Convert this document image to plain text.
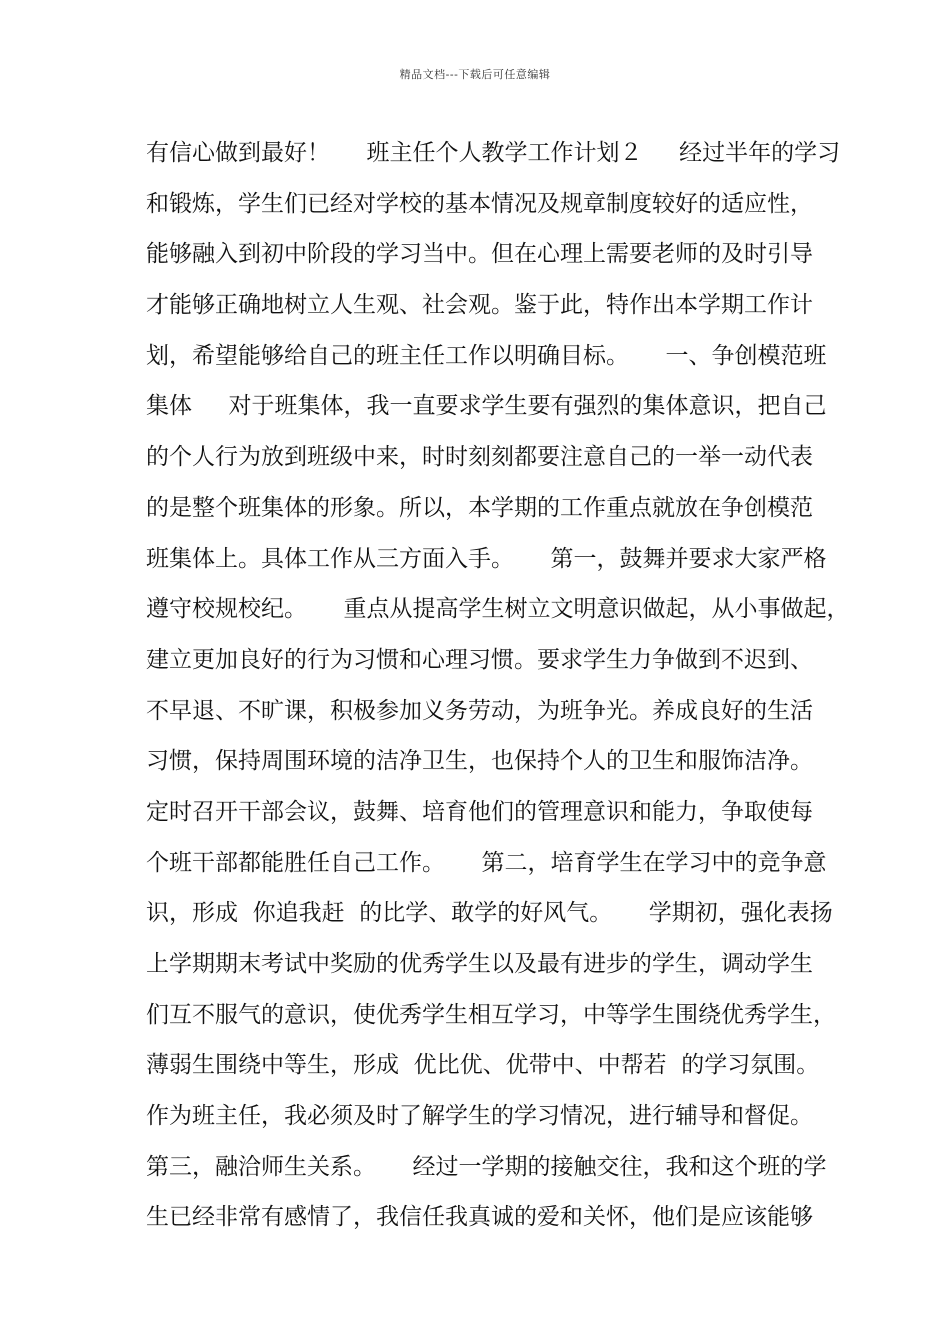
精品文档---下载后可任意编辑
有信心做到最好！     班主任个人教学工作计划２     经过半年的学习
和锻炼，学生们已经对学校的基本情况及规章制度较好的适应性，
能够融入到初中阶段的学习当中。但在心理上需要老师的及时引导
才能够正确地树立人生观、社会观。鉴于此，特作出本学期工作计
划，希望能够给自己的班主任工作以明确目标。     一、争创模范班
集体     对于班集体，我一直要求学生要有强烈的集体意识，把自己
的个人行为放到班级中来，时时刻刻都要注意自己的一举一动代表
的是整个班集体的形象。所以，本学期的工作重点就放在争创模范
班集体上。具体工作从三方面入手。     第一，鼓舞并要求大家严格
遵守校规校纪。     重点从提高学生树立文明意识做起，从小事做起，
建立更加良好的行为习惯和心理习惯。要求学生力争做到不迟到、
不早退、不旷课，积极参加义务劳动，为班争光。养成良好的生活
习惯，保持周围环境的洁净卫生，也保持个人的卫生和服饰洁净。
定时召开干部会议，鼓舞、培育他们的管理意识和能力，争取使每
个班干部都能胜任自己工作。     第二，培育学生在学习中的竞争意
识，形成  你追我赶  的比学、敢学的好风气。     学期初，强化表扬
上学期期末考试中奖励的优秀学生以及最有进步的学生，调动学生
们互不服气的意识，使优秀学生相互学习，中等学生围绕优秀学生，
薄弱生围绕中等生，形成  优比优、优带中、中帮若  的学习氛围。
作为班主任，我必须及时了解学生的学习情况，进行辅导和督促。
第三，融洽师生关系。     经过一学期的接触交往，我和这个班的学
生已经非常有感情了，我信任我真诚的爱和关怀，他们是应该能够
